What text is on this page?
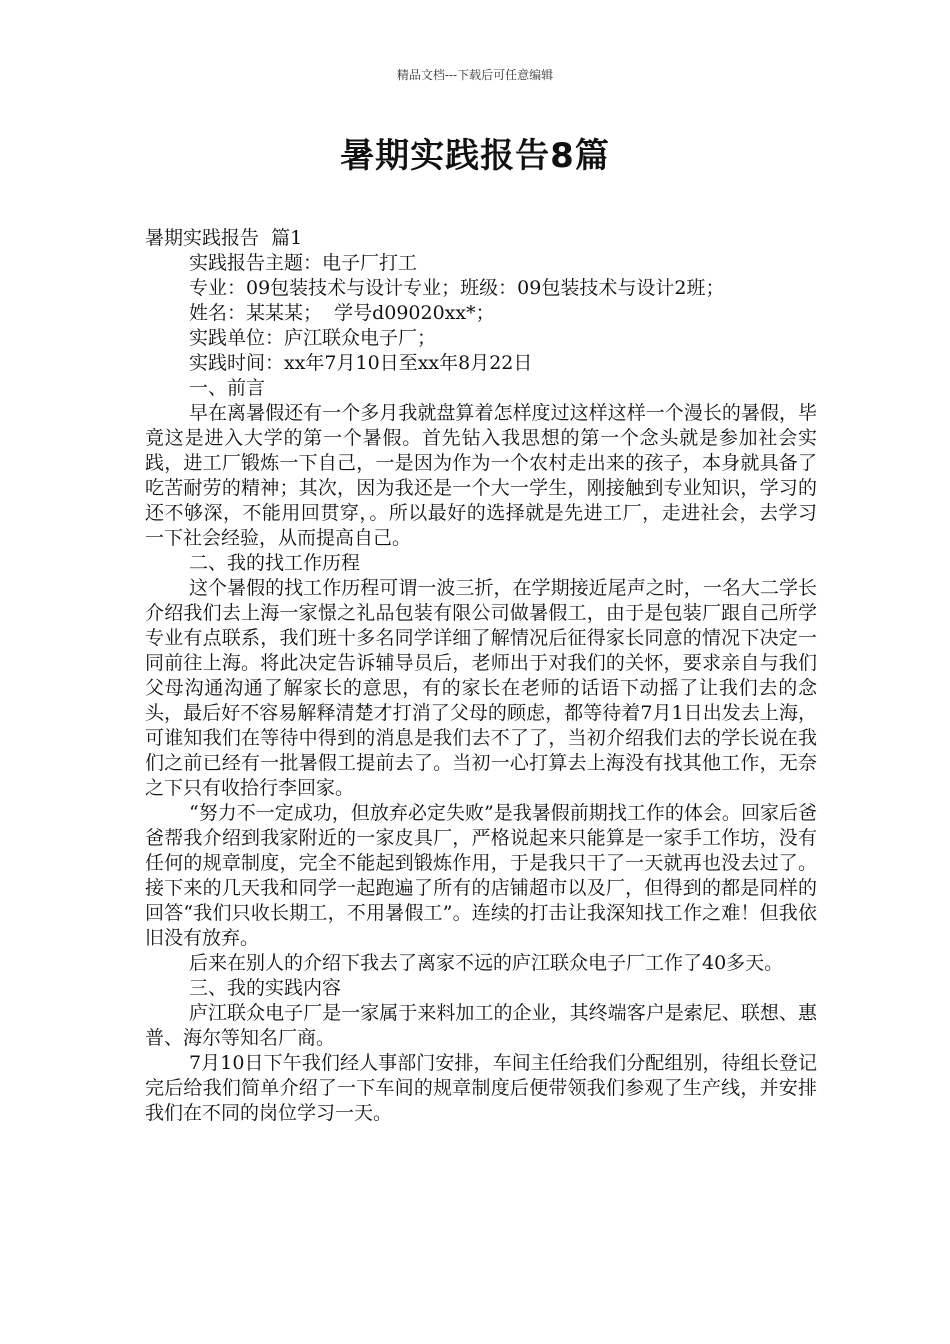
精品文档---下载后可任意编辑
暑期实践报告8篇
暑期实践报告  篇1
实践报告主题：电子厂打工
专业：09包装技术与设计专业；班级：09包装技术与设计2班；
姓名：某某某；  学号d09020xx*；
实践单位：庐江联众电子厂；
实践时间：xx年7月10日至xx年8月22日
一、前言
早在离暑假还有一个多月我就盘算着怎样度过这样这样一个漫长的暑假，毕竟这是进入大学的第一个暑假。首先钻入我思想的第一个念头就是参加社会实践，进工厂锻炼一下自己，一是因为作为一个农村走出来的孩子，本身就具备了吃苦耐劳的精神；其次，因为我还是一个大一学生，刚接触到专业知识，学习的还不够深，不能用回贯穿，。所以最好的选择就是先进工厂，走进社会，去学习一下社会经验，从而提高自己。
二、我的找工作历程
这个暑假的找工作历程可谓一波三折，在学期接近尾声之时，一名大二学长介绍我们去上海一家憬之礼品包装有限公司做暑假工，由于是包装厂跟自己所学专业有点联系，我们班十多名同学详细了解情况后征得家长同意的情况下决定一同前往上海。将此决定告诉辅导员后，老师出于对我们的关怀，要求亲自与我们父母沟通沟通了解家长的意思，有的家长在老师的话语下动摇了让我们去的念头，最后好不容易解释清楚才打消了父母的顾虑，都等待着7月1日出发去上海，可谁知我们在等待中得到的消息是我们去不了了，当初介绍我们去的学长说在我们之前已经有一批暑假工提前去了。当初一心打算去上海没有找其他工作，无奈之下只有收拾行李回家。
“努力不一定成功，但放弃必定失败”是我暑假前期找工作的体会。回家后爸爸帮我介绍到我家附近的一家皮具厂，严格说起来只能算是一家手工作坊，没有任何的规章制度，完全不能起到锻炼作用，于是我只干了一天就再也没去过了。接下来的几天我和同学一起跑遍了所有的店铺超市以及厂，但得到的都是同样的回答“我们只收长期工，不用暑假工”。连续的打击让我深知找工作之难！但我依旧没有放弃。
后来在别人的介绍下我去了离家不远的庐江联众电子厂工作了40多天。
三、我的实践内容
庐江联众电子厂是一家属于来料加工的企业，其终端客户是索尼、联想、惠普、海尔等知名厂商。
7月10日下午我们经人事部门安排，车间主任给我们分配组别，待组长登记完后给我们简单介绍了一下车间的规章制度后便带领我们参观了生产线，并安排我们在不同的岗位学习一天。
